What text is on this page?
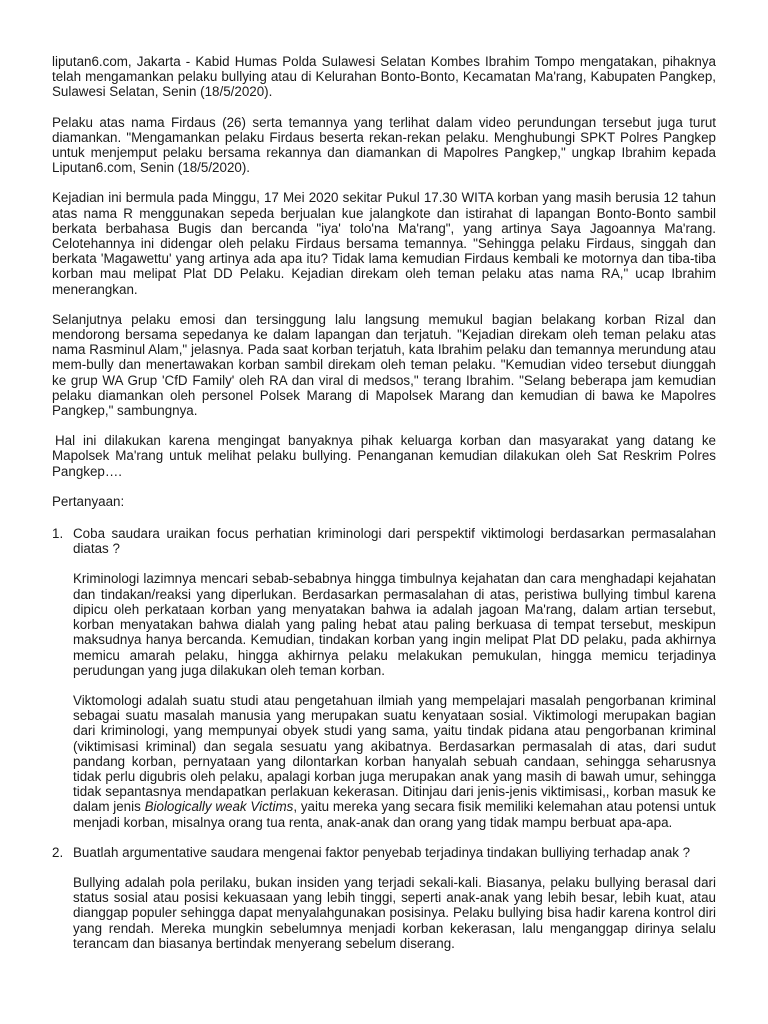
liputan6.com, Jakarta - Kabid Humas Polda Sulawesi Selatan Kombes Ibrahim Tompo mengatakan, pihaknya telah mengamankan pelaku bullying atau di Kelurahan Bonto-Bonto, Kecamatan Ma'rang, Kabupaten Pangkep, Sulawesi Selatan, Senin (18/5/2020).

Pelaku atas nama Firdaus (26) serta temannya yang terlihat dalam video perundungan tersebut juga turut diamankan. "Mengamankan pelaku Firdaus beserta rekan-rekan pelaku. Menghubungi SPKT Polres Pangkep untuk menjemput pelaku bersama rekannya dan diamankan di Mapolres Pangkep," ungkap Ibrahim kepada Liputan6.com, Senin (18/5/2020).

Kejadian ini bermula pada Minggu, 17 Mei 2020 sekitar Pukul 17.30 WITA korban yang masih berusia 12 tahun atas nama R menggunakan sepeda berjualan kue jalangkote dan istirahat di lapangan Bonto-Bonto sambil berkata berbahasa Bugis dan bercanda "iya' tolo'na Ma'rang", yang artinya Saya Jagoannya Ma'rang. Celotehannya ini didengar oleh pelaku Firdaus bersama temannya. "Sehingga pelaku Firdaus, singgah dan berkata 'Magawettu' yang artinya ada apa itu? Tidak lama kemudian Firdaus kembali ke motornya dan tiba-tiba korban mau melipat Plat DD Pelaku. Kejadian direkam oleh teman pelaku atas nama RA," ucap Ibrahim menerangkan.

Selanjutnya pelaku emosi dan tersinggung lalu langsung memukul bagian belakang korban Rizal dan mendorong bersama sepedanya ke dalam lapangan dan terjatuh. "Kejadian direkam oleh teman pelaku atas nama Rasminul Alam," jelasnya. Pada saat korban terjatuh, kata Ibrahim pelaku dan temannya merundung atau mem-bully dan menertawakan korban sambil direkam oleh teman pelaku. "Kemudian video tersebut diunggah ke grup WA Grup 'CfD Family' oleh RA dan viral di medsos," terang Ibrahim. "Selang beberapa jam kemudian pelaku diamankan oleh personel Polsek Marang di Mapolsek Marang dan kemudian di bawa ke Mapolres Pangkep," sambungnya.

Hal ini dilakukan karena mengingat banyaknya pihak keluarga korban dan masyarakat yang datang ke Mapolsek Ma'rang untuk melihat pelaku bullying. Penanganan kemudian dilakukan oleh Sat Reskrim Polres Pangkep….

Pertanyaan:

1. Coba saudara uraikan focus perhatian kriminologi dari perspektif viktimologi berdasarkan permasalahan diatas ?

Kriminologi lazimnya mencari sebab-sebabnya hingga timbulnya kejahatan dan cara menghadapi kejahatan dan tindakan/reaksi yang diperlukan. Berdasarkan permasalahan di atas, peristiwa bullying timbul karena dipicu oleh perkataan korban yang menyatakan bahwa ia adalah jagoan Ma'rang, dalam artian tersebut, korban menyatakan bahwa dialah yang paling hebat atau paling berkuasa di tempat tersebut, meskipun maksudnya hanya bercanda. Kemudian, tindakan korban yang ingin melipat Plat DD pelaku, pada akhirnya memicu amarah pelaku, hingga akhirnya pelaku melakukan pemukulan, hingga memicu terjadinya perudungan yang juga dilakukan oleh teman korban.

Viktomologi adalah suatu studi atau pengetahuan ilmiah yang mempelajari masalah pengorbanan kriminal sebagai suatu masalah manusia yang merupakan suatu kenyataan sosial. Viktimologi merupakan bagian dari kriminologi, yang mempunyai obyek studi yang sama, yaitu tindak pidana atau pengorbanan kriminal (viktimisasi kriminal) dan segala sesuatu yang akibatnya. Berdasarkan permasalah di atas, dari sudut pandang korban, pernyataan yang dilontarkan korban hanyalah sebuah candaan, sehingga seharusnya tidak perlu digubris oleh pelaku, apalagi korban juga merupakan anak yang masih di bawah umur, sehingga tidak sepantasnya mendapatkan perlakuan kekerasan. Ditinjau dari jenis-jenis viktimisasi,, korban masuk ke dalam jenis Biologically weak Victims, yaitu mereka yang secara fisik memiliki kelemahan atau potensi untuk menjadi korban, misalnya orang tua renta, anak-anak dan orang yang tidak mampu berbuat apa-apa.

2. Buatlah argumentative saudara mengenai faktor penyebab terjadinya tindakan bulliying terhadap anak ?

Bullying adalah pola perilaku, bukan insiden yang terjadi sekali-kali. Biasanya, pelaku bullying berasal dari status sosial atau posisi kekuasaan yang lebih tinggi, seperti anak-anak yang lebih besar, lebih kuat, atau dianggap populer sehingga dapat menyalahgunakan posisinya. Pelaku bullying bisa hadir karena kontrol diri yang rendah. Mereka mungkin sebelumnya menjadi korban kekerasan, lalu menganggap dirinya selalu terancam dan biasanya bertindak menyerang sebelum diserang.
